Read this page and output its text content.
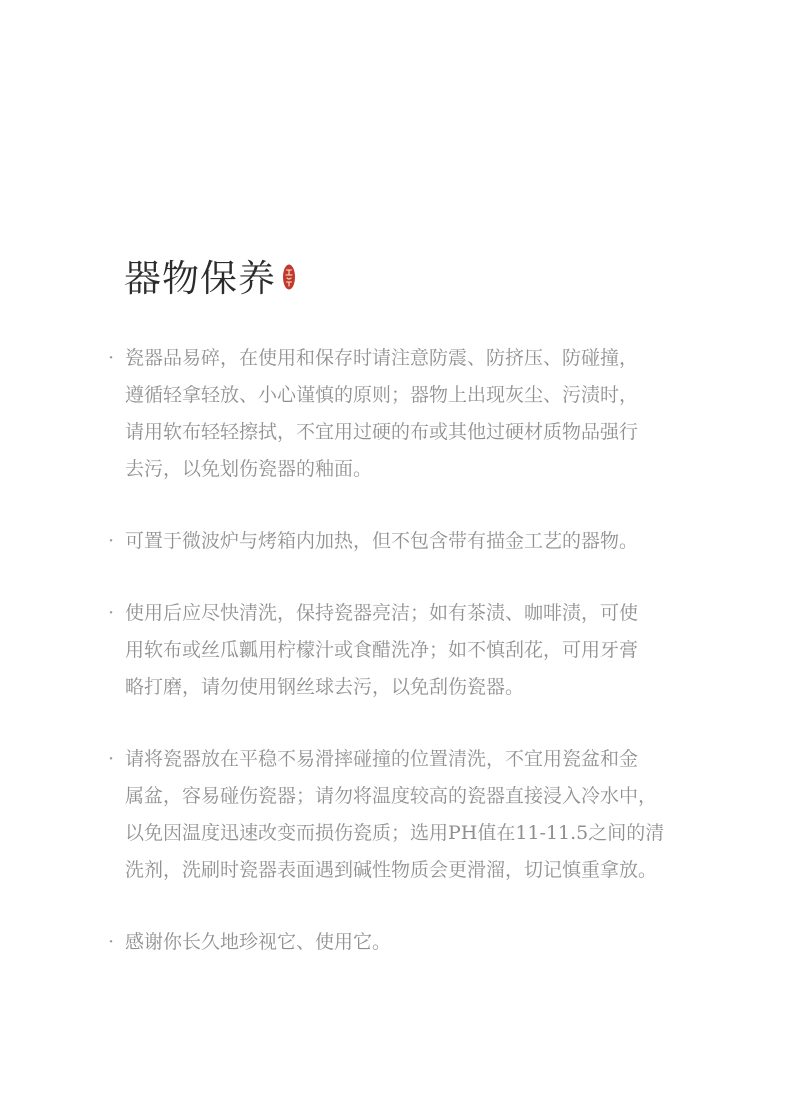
器物保养
· 瓷器品易碎，在使用和保存时请注意防震、防挤压、防碰撞，
遵循轻拿轻放、小心谨慎的原则；器物上出现灰尘、污渍时，
请用软布轻轻擦拭，不宜用过硬的布或其他过硬材质物品强行
去污，以免划伤瓷器的釉面。
· 可置于微波炉与烤箱内加热，但不包含带有描金工艺的器物。
· 使用后应尽快清洗，保持瓷器亮洁；如有茶渍、咖啡渍，可使
用软布或丝瓜瓤用柠檬汁或食醋洗净；如不慎刮花，可用牙膏
略打磨，请勿使用钢丝球去污，以免刮伤瓷器。
· 请将瓷器放在平稳不易滑摔碰撞的位置清洗，不宜用瓷盆和金
属盆，容易碰伤瓷器；请勿将温度较高的瓷器直接浸入冷水中，
以免因温度迅速改变而损伤瓷质；选用PH值在11-11.5之间的清
洗剂，洗刷时瓷器表面遇到碱性物质会更滑溜，切记慎重拿放。
· 感谢你长久地珍视它、使用它。
